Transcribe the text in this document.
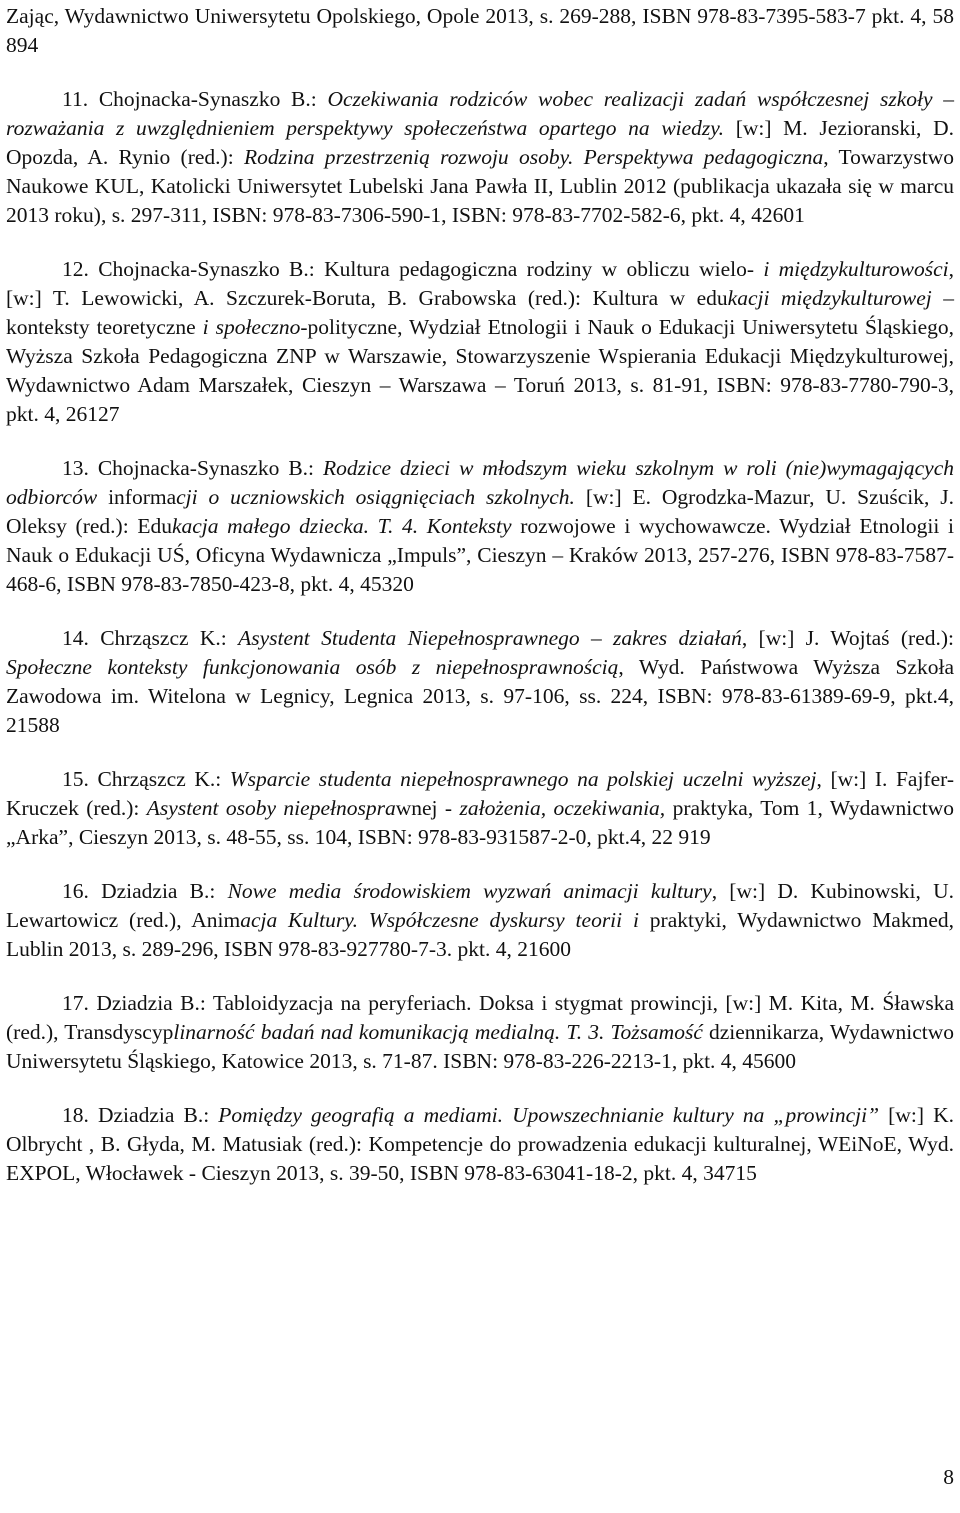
Zając, Wydawnictwo Uniwersytetu Opolskiego, Opole 2013, s. 269-288, ISBN 978-83-7395-583-7 pkt. 4, 58 894

11. Chojnacka-Synaszko B.: Oczekiwania rodziców wobec realizacji zadań współczesnej szkoły – rozważania z uwzględnieniem perspektywy społeczeństwa opartego na wiedzy. [w:] M. Jezioranski, D. Opozda, A. Rynio (red.): Rodzina przestrzenią rozwoju osoby. Perspektywa pedagogiczna, Towarzystwo Naukowe KUL, Katolicki Uniwersytet Lubelski Jana Pawła II, Lublin 2012 (publikacja ukazała się w marcu 2013 roku), s. 297-311, ISBN: 978-83-7306-590-1, ISBN: 978-83-7702-582-6, pkt. 4, 42601

12. Chojnacka-Synaszko B.: Kultura pedagogiczna rodziny w obliczu wielo- i międzykulturowości, [w:] T. Lewowicki, A. Szczurek-Boruta, B. Grabowska (red.): Kultura w edukacji międzykulturowej – konteksty teoretyczne i społeczno-polityczne, Wydział Etnologii i Nauk o Edukacji Uniwersytetu Śląskiego, Wyższa Szkoła Pedagogiczna ZNP w Warszawie, Stowarzyszenie Wspierania Edukacji Międzykulturowej, Wydawnictwo Adam Marszałek, Cieszyn – Warszawa – Toruń 2013, s. 81-91, ISBN: 978-83-7780-790-3, pkt. 4, 26127

13. Chojnacka-Synaszko B.: Rodzice dzieci w młodszym wieku szkolnym w roli (nie)wymagających odbiorców informacji o uczniowskich osiągnięciach szkolnych. [w:] E. Ogrodzka-Mazur, U. Szuścik, J. Oleksy (red.): Edukacja małego dziecka. T. 4. Konteksty rozwojowe i wychowawcze. Wydział Etnologii i Nauk o Edukacji UŚ, Oficyna Wydawnicza „Impuls”, Cieszyn – Kraków 2013, 257-276, ISBN 978-83-7587-468-6, ISBN 978-83-7850-423-8, pkt. 4, 45320

14. Chrząszcz K.: Asystent Studenta Niepełnosprawnego – zakres działań, [w:] J. Wojtaś (red.): Społeczne konteksty funkcjonowania osób z niepełnosprawnością, Wyd. Państwowa Wyższa Szkoła Zawodowa im. Witelona w Legnicy, Legnica 2013, s. 97-106, ss. 224, ISBN: 978-83-61389-69-9, pkt.4, 21588

15. Chrząszcz K.: Wsparcie studenta niepełnosprawnego na polskiej uczelni wyższej, [w:] I. Fajfer-Kruczek (red.): Asystent osoby niepełnosprawnej - założenia, oczekiwania, praktyka, Tom 1, Wydawnictwo „Arka”, Cieszyn 2013, s. 48-55, ss. 104, ISBN: 978-83-931587-2-0, pkt.4, 22 919

16. Dziadzia B.: Nowe media środowiskiem wyzwań animacji kultury, [w:] D. Kubinowski, U. Lewartowicz (red.), Animacja Kultury. Współczesne dyskursy teorii i praktyki, Wydawnictwo Makmed, Lublin 2013, s. 289-296, ISBN 978-83-927780-7-3. pkt. 4, 21600

17. Dziadzia B.: Tabloidyzacja na peryferiach. Doksa i stygmat prowincji, [w:] M. Kita, M. Śławska (red.), Transdyscyplinarność badań nad komunikacją medialną. T. 3. Tożsamość dziennikarza, Wydawnictwo Uniwersytetu Śląskiego, Katowice 2013, s. 71-87. ISBN: 978-83-226-2213-1, pkt. 4, 45600

18. Dziadzia B.: Pomiędzy geografią a mediami. Upowszechnianie kultury na „prowincji” [w:] K. Olbrycht , B. Głyda, M. Matusiak (red.): Kompetencje do prowadzenia edukacji kulturalnej, WEiNoE, Wyd. EXPOL, Włocławek - Cieszyn 2013, s. 39-50, ISBN 978-83-63041-18-2, pkt. 4, 34715

8
